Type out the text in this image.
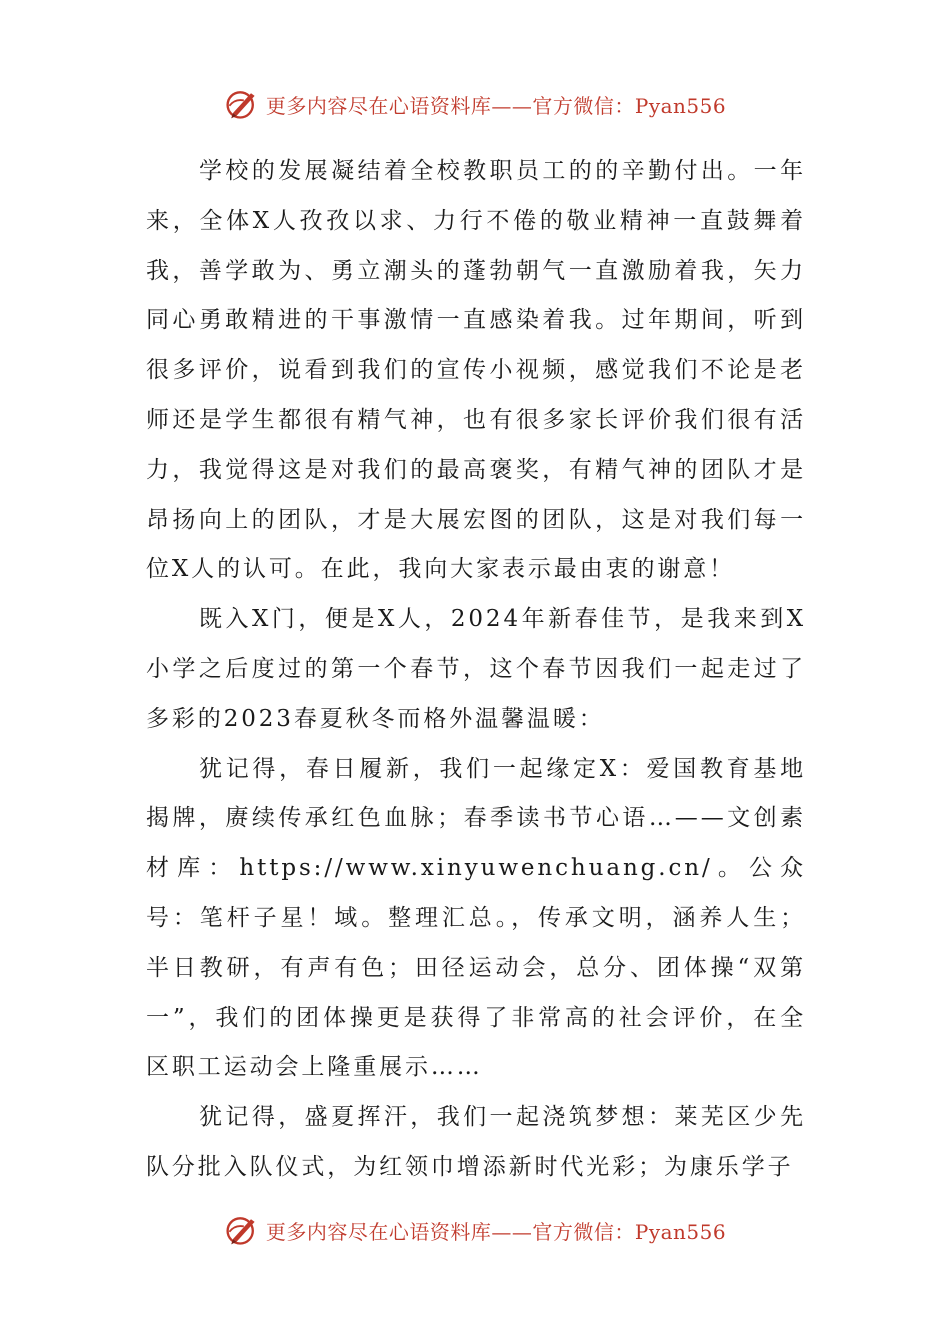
更多内容尽在心语资料库——官方微信：Pyan556

学校的发展凝结着全校教职员工的的辛勤付出。一年来，全体X人孜孜以求、力行不倦的敬业精神一直鼓舞着我，善学敢为、勇立潮头的蓬勃朝气一直激励着我，矢力同心勇敢精进的干事激情一直感染着我。过年期间，听到很多评价，说看到我们的宣传小视频，感觉我们不论是老师还是学生都很有精气神，也有很多家长评价我们很有活力，我觉得这是对我们的最高褒奖，有精气神的团队才是昂扬向上的团队，才是大展宏图的团队，这是对我们每一位X人的认可。在此，我向大家表示最由衷的谢意！

既入X门，便是X人，2024年新春佳节，是我来到X小学之后度过的第一个春节，这个春节因我们一起走过了多彩的2023春夏秋冬而格外温馨温暖：

犹记得，春日履新，我们一起缘定X：爱国教育基地揭牌，赓续传承红色血脉；春季读书节心语…——文创素材库：https://www.xinyuwenchuang.cn/。公众号：笔杆子星！域。整理汇总。，传承文明，涵养人生；半日教研，有声有色；田径运动会，总分、团体操“双第一”，我们的团体操更是获得了非常高的社会评价，在全区职工运动会上隆重展示……

犹记得，盛夏挥汗，我们一起浇筑梦想：莱芜区少先队分批入队仪式，为红领巾增添新时代光彩；为康乐学子

更多内容尽在心语资料库——官方微信：Pyan556
